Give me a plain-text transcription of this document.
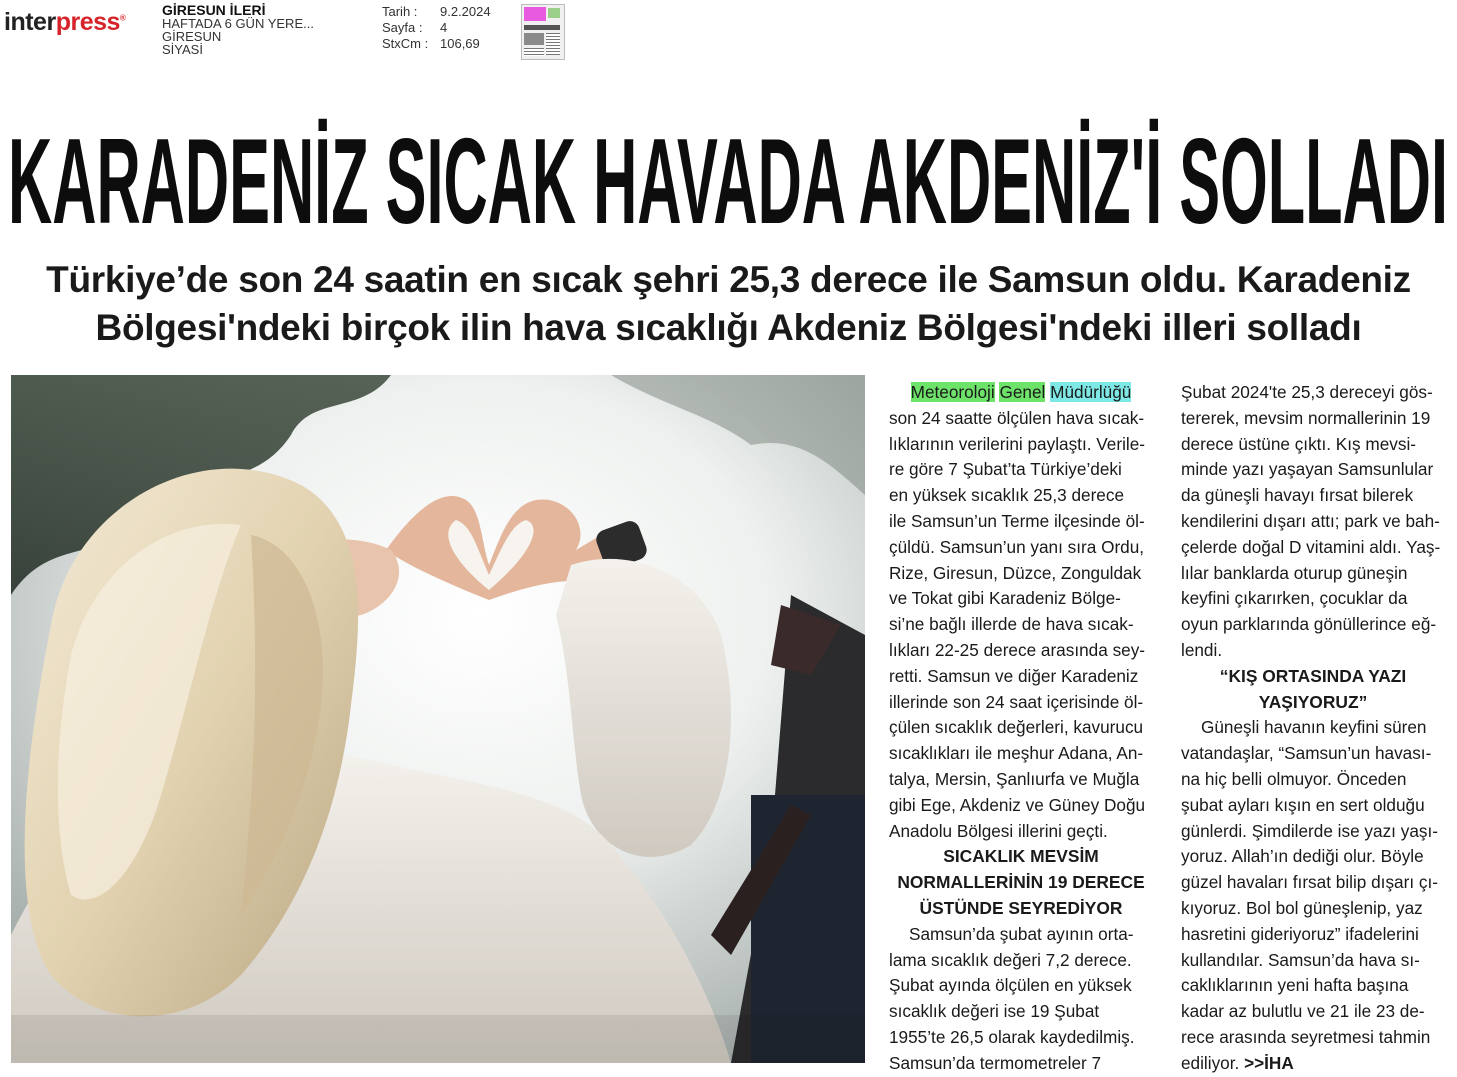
interpress®
GİRESUN İLERİ
HAFTADA 6 GÜN YERE...
GİRESUN
SİYASİ
Tarih : 9.2.2024
Sayfa : 4
StxCm : 106,69
KARADENİZ SICAK HAVADA AKDENİZ'İ SOLLADI
Türkiye’de son 24 saatin en sıcak şehri 25,3 derece ile Samsun oldu. Karadeniz
Bölgesi'ndeki birçok ilin hava sıcaklığı Akdeniz Bölgesi'ndeki illeri solladı

Meteoroloji Genel Müdürlüğü

son 24 saatte ölçülen hava sıcak-
lıklarının verilerini paylaştı. Verile-
re göre 7 Şubat’ta Türkiye’deki
en yüksek sıcaklık 25,3 derece
ile Samsun’un Terme ilçesinde öl-
çüldü. Samsun’un yanı sıra Ordu,
Rize, Giresun, Düzce, Zonguldak
ve Tokat gibi Karadeniz Bölge-
si’ne bağlı illerde de hava sıcak-
lıkları 22-25 derece arasında sey-
retti. Samsun ve diğer Karadeniz
illerinde son 24 saat içerisinde öl-
çülen sıcaklık değerleri, kavurucu
sıcaklıkları ile meşhur Adana, An-
talya, Mersin, Şanlıurfa ve Muğla
gibi Ege, Akdeniz ve Güney Doğu
Anadolu Bölgesi illerini geçti.
SICAKLIK MEVSİM
NORMALLERİNİN 19 DERECE
ÜSTÜNDE SEYREDİYOR
Samsun’da şubat ayının orta-
lama sıcaklık değeri 7,2 derece.
Şubat ayında ölçülen en yüksek
sıcaklık değeri ise 19 Şubat
1955’te 26,5 olarak kaydedilmiş.
Samsun’da termometreler 7
Şubat 2024'te 25,3 dereceyi gös-
tererek, mevsim normallerinin 19
derece üstüne çıktı. Kış mevsi-
minde yazı yaşayan Samsunlular
da güneşli havayı fırsat bilerek
kendilerini dışarı attı; park ve bah-
çelerde doğal D vitamini aldı. Yaş-
lılar banklarda oturup güneşin
keyfini çıkarırken, çocuklar da
oyun parklarında gönüllerince eğ-
lendi.
“KIŞ ORTASINDA YAZI
YAŞIYORUZ”
Güneşli havanın keyfini süren
vatandaşlar, “Samsun’un havası-
na hiç belli olmuyor. Önceden
şubat ayları kışın en sert olduğu
günlerdi. Şimdilerde ise yazı yaşı-
yoruz. Allah’ın dediği olur. Böyle
güzel havaları fırsat bilip dışarı çı-
kıyoruz. Bol bol güneşlenip, yaz
hasretini gideriyoruz” ifadelerini
kullandılar. Samsun’da hava sı-
caklıklarının yeni hafta başına
kadar az bulutlu ve 21 ile 23 de-
rece arasında seyretmesi tahmin
ediliyor. >>İHA
